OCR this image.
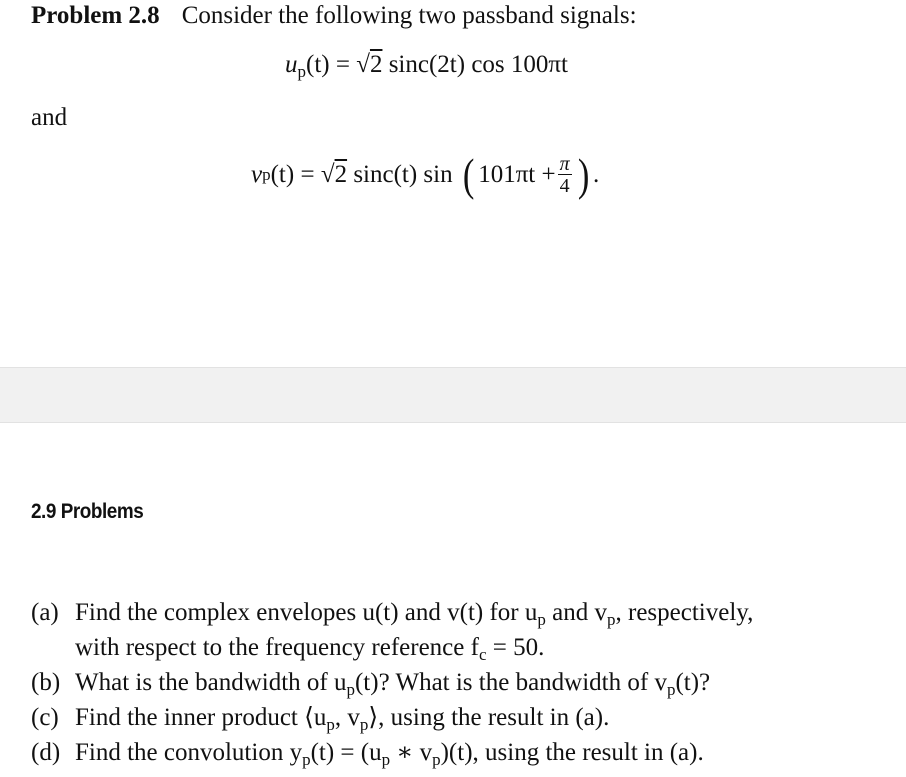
Problem 2.8 Consider the following two passband signals:
$u_p(t) = √2$ sinc(2t) cos 100πt
and
v p (t)
=
√ 2
sinc(t) sin
( $101\pi t + \frac{\pi}{4}$ ) .
2.9 Problems
(a) Find the complex envelopes u(t) and v(t) for $u_p$ and $v_p$, respectively,
with respect to the frequency reference $f_c = 50$.
(b) What is the bandwidth of $u_p(t)$? What is the bandwidth of $v_p(t)$?
(c) Find the inner product $⟨u_p$, $v_p⟩$, using the result in (a).
(d) Find the convolution $y_p(t) = (u_p$ ∗ $v_p)(t)$, using the result in (a).
